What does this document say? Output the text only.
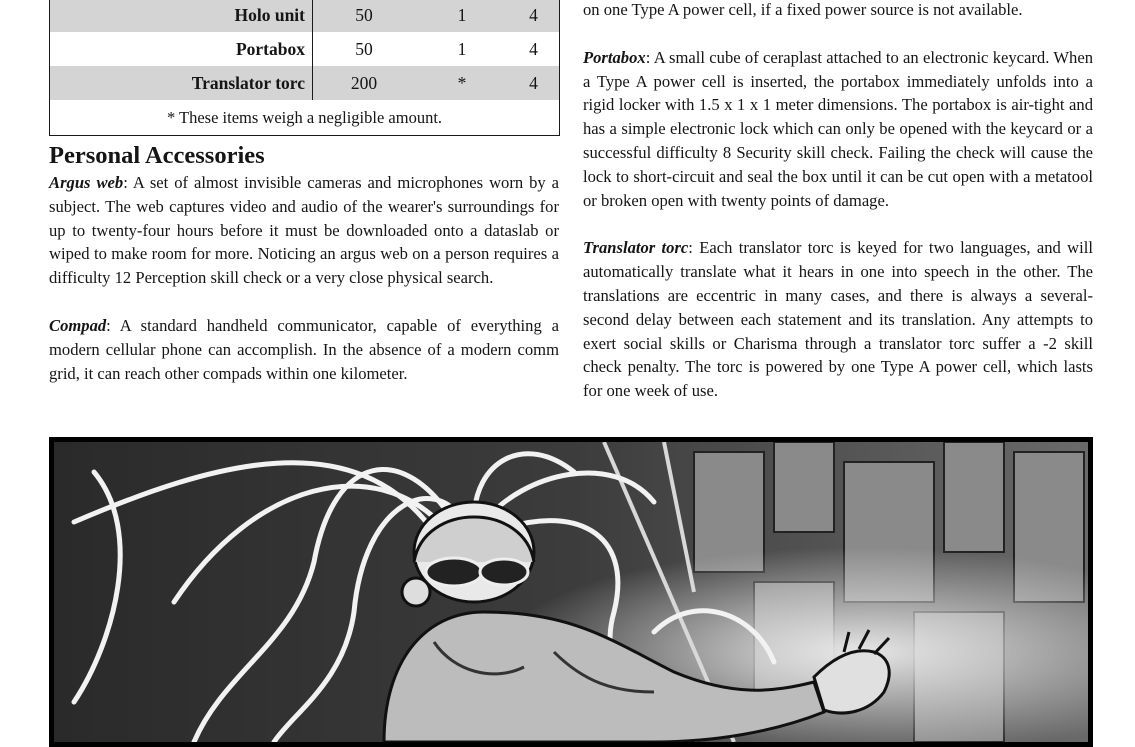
Holo unit	50	1	4
Portabox	50	1	4
Translator torc	200	*	4
* These items weigh a negligible amount.
Personal Accessories

Argus web: A set of almost invisible cameras and microphones worn by a subject. The web captures video and audio of the wearer's surroundings for up to twenty-four hours before it must be downloaded onto a dataslab or wiped to make room for more. Noticing an argus web on a person requires a difficulty 12 Perception skill check or a very close physical search.

Compad: A standard handheld communicator, capable of everything a modern cellular phone can accomplish. In the absence of a modern comm grid, it can reach other compads within one kilometer.

on one Type A power cell, if a fixed power source is not available.

Portabox: A small cube of ceraplast attached to an electronic keycard. When a Type A power cell is inserted, the portabox immediately unfolds into a rigid locker with 1.5 x 1 x 1 meter dimensions. The portabox is air-tight and has a simple electronic lock which can only be opened with the keycard or a successful difficulty 8 Security skill check. Failing the check will cause the lock to short-circuit and seal the box until it can be cut open with a metatool or broken open with twenty points of damage.

Translator torc: Each translator torc is keyed for two languages, and will automatically translate what it hears in one into speech in the other. The translations are eccentric in many cases, and there is always a several-second delay between each statement and its translation. Any attempts to exert social skills or Charisma through a translator torc suffer a -2 skill check penalty. The torc is powered by one Type A power cell, which lasts for one week of use.
